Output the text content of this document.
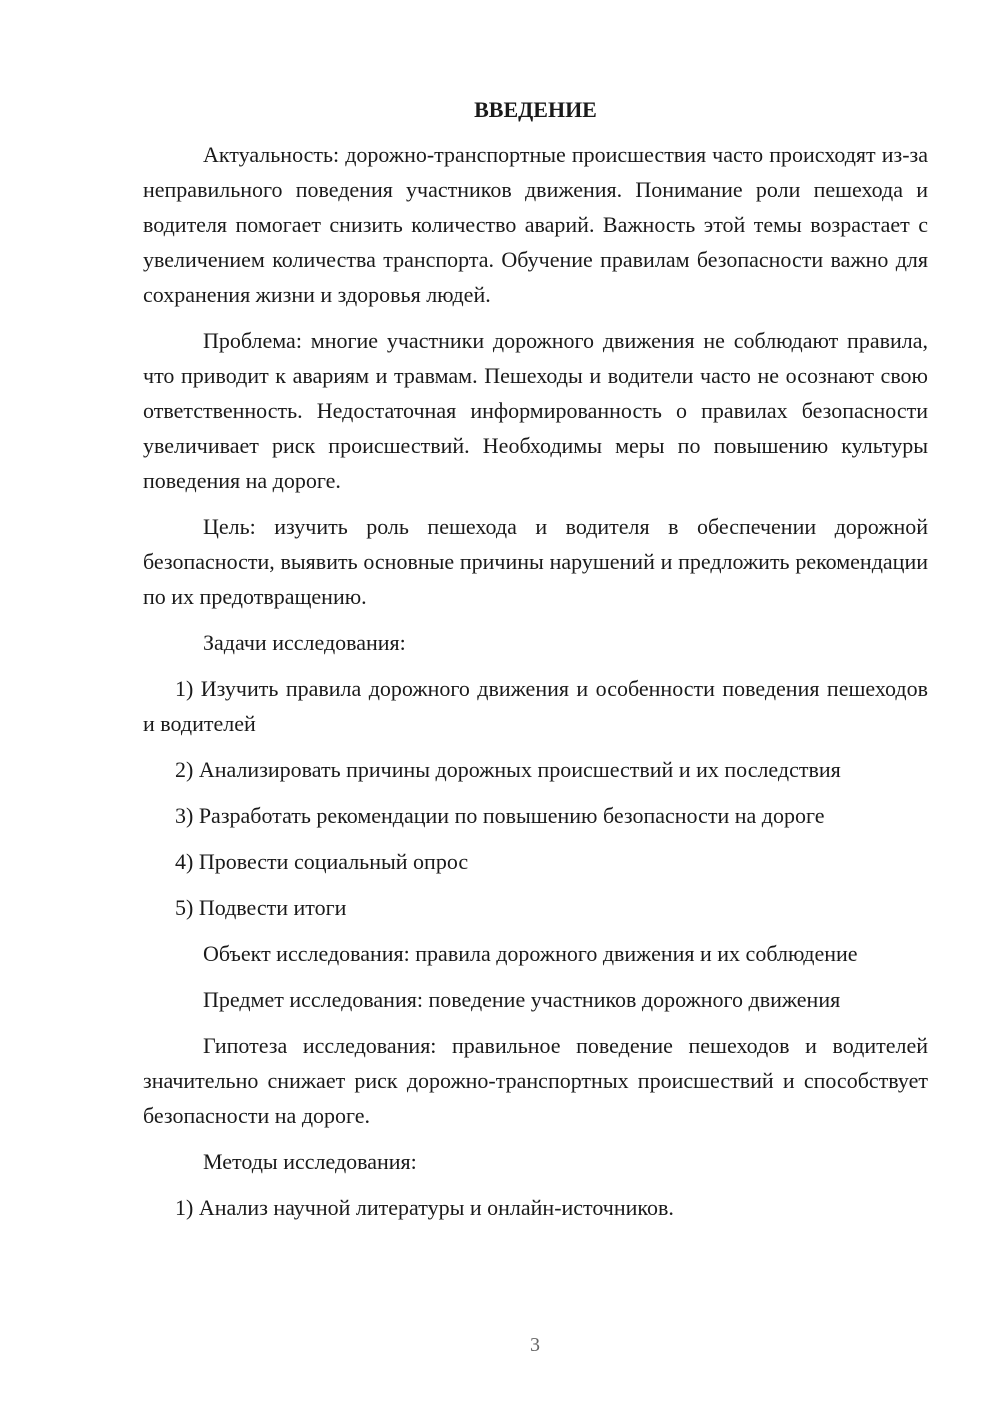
ВВЕДЕНИЕ

Актуальность: дорожно-транспортные происшествия часто происходят из-за неправильного поведения участников движения. Понимание роли пешехода и водителя помогает снизить количество аварий. Важность этой темы возрастает с увеличением количества транспорта. Обучение правилам безопасности важно для сохранения жизни и здоровья людей.

Проблема: многие участники дорожного движения не соблюдают правила, что приводит к авариям и травмам. Пешеходы и водители часто не осознают свою ответственность. Недостаточная информированность о правилах безопасности увеличивает риск происшествий. Необходимы меры по повышению культуры поведения на дороге.

Цель: изучить роль пешехода и водителя в обеспечении дорожной безопасности, выявить основные причины нарушений и предложить рекомендации по их предотвращению.

Задачи исследования:

1) Изучить правила дорожного движения и особенности поведения пешеходов и водителей

2) Анализировать причины дорожных происшествий и их последствия

3) Разработать рекомендации по повышению безопасности на дороге

4) Провести социальный опрос

5) Подвести итоги

Объект исследования: правила дорожного движения и их соблюдение

Предмет исследования: поведение участников дорожного движения

Гипотеза исследования: правильное поведение пешеходов и водителей значительно снижает риск дорожно-транспортных происшествий и способствует безопасности на дороге.

Методы исследования:

1) Анализ научной литературы и онлайн-источников.

3
